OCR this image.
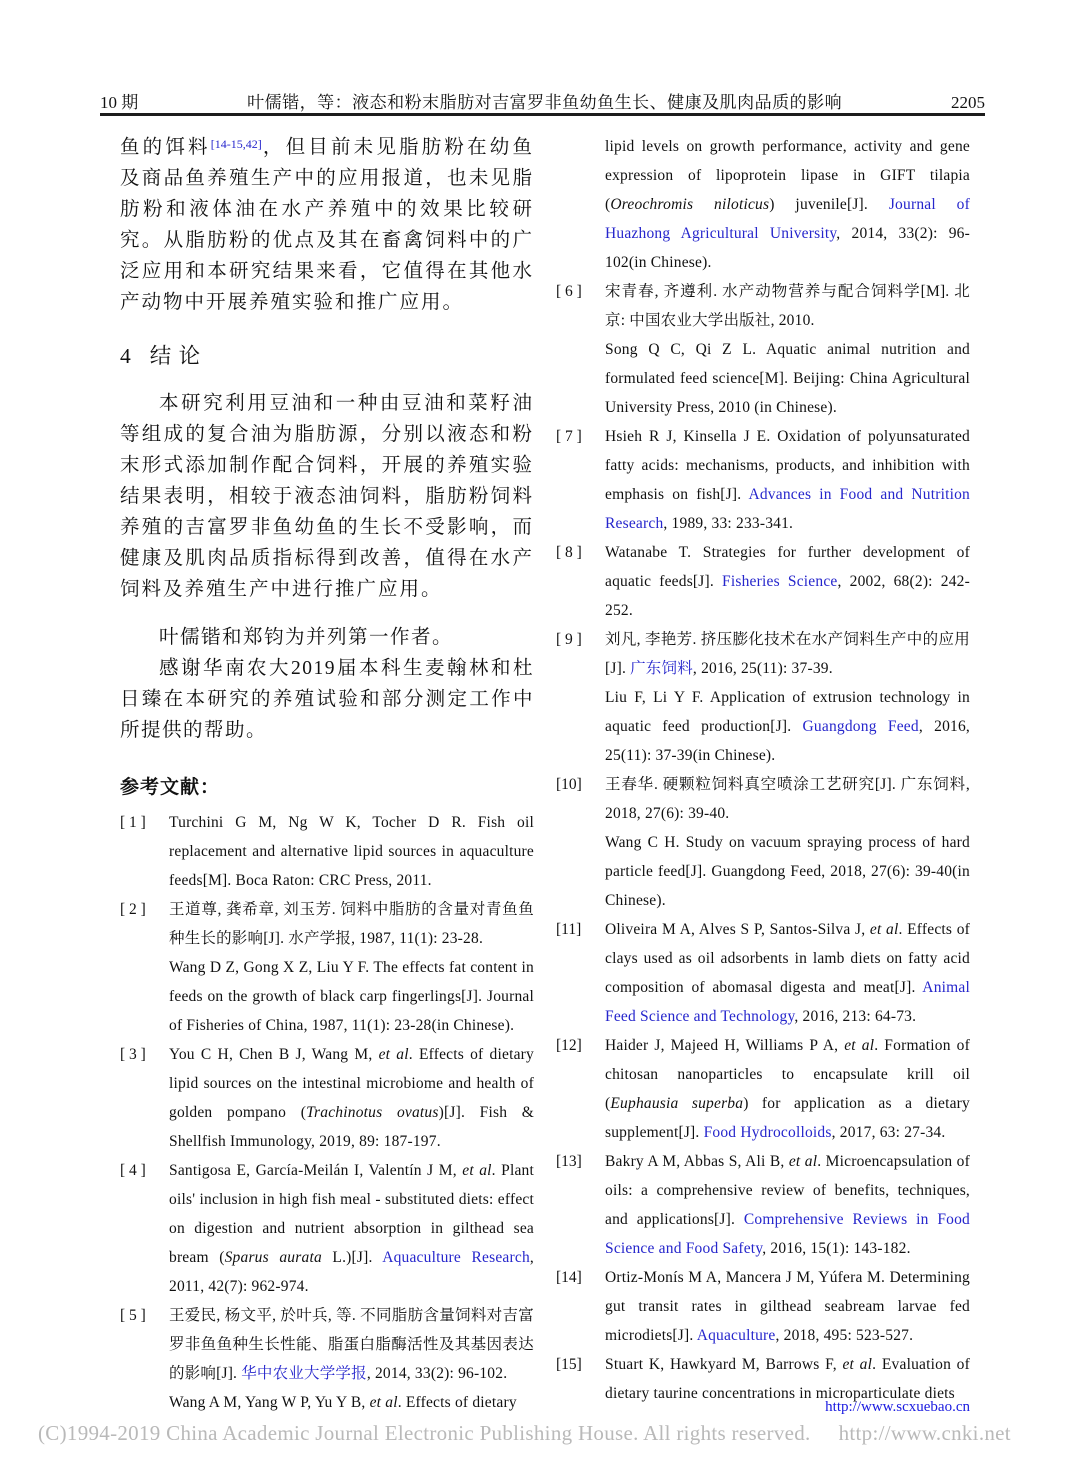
10 期	叶儒锴，等：液态和粉末脂肪对吉富罗非鱼幼鱼生长、健康及肌肉品质的影响	2205

鱼的饵料[14-15,42]，但目前未见脂肪粉在幼鱼及商品鱼养殖生产中的应用报道，也未见脂肪粉和液体油在水产养殖中的效果比较研究。从脂肪粉的优点及其在畜禽饲料中的广泛应用和本研究结果来看，它值得在其他水产动物中开展养殖实验和推广应用。

4 结 论

本研究利用豆油和一种由豆油和菜籽油等组成的复合油为脂肪源，分别以液态和粉末形式添加制作配合饲料，开展的养殖实验结果表明，相较于液态油饲料，脂肪粉饲料养殖的吉富罗非鱼幼鱼的生长不受影响，而健康及肌肉品质指标得到改善，值得在水产饲料及养殖生产中进行推广应用。

叶儒锴和郑钧为并列第一作者。

感谢华南农大2019届本科生麦翰林和杜日臻在本研究的养殖试验和部分测定工作中所提供的帮助。

参考文献：
[ 1 ]	Turchini G M, Ng W K, Tocher D R. Fish oil replacement and alternative lipid sources in aquaculture feeds[M]. Boca Raton: CRC Press, 2011.
[ 2 ]	王道尊, 龚希章, 刘玉芳. 饲料中脂肪的含量对青鱼鱼种生长的影响[J]. 水产学报, 1987, 11(1): 23-28.
Wang D Z, Gong X Z, Liu Y F. The effects fat content in feeds on the growth of black carp fingerlings[J]. Journal of Fisheries of China, 1987, 11(1): 23-28(in Chinese).
[ 3 ]	You C H, Chen B J, Wang M, et al. Effects of dietary lipid sources on the intestinal microbiome and health of golden pompano (Trachinotus ovatus)[J]. Fish & Shellfish Immunology, 2019, 89: 187-197.
[ 4 ]	Santigosa E, García-Meilán I, Valentín J M, et al. Plant oils' inclusion in high fish meal - substituted diets: effect on digestion and nutrient absorption in gilthead sea bream (Sparus aurata L.)[J]. Aquaculture Research, 2011, 42(7): 962-974.
[ 5 ]	王爱民, 杨文平, 於叶兵, 等. 不同脂肪含量饲料对吉富罗非鱼鱼种生长性能、脂蛋白脂酶活性及其基因表达的影响[J]. 华中农业大学学报, 2014, 33(2): 96-102.
Wang A M, Yang W P, Yu Y B, et al. Effects of dietary
lipid levels on growth performance, activity and gene expression of lipoprotein lipase in GIFT tilapia (Oreochromis niloticus) juvenile[J]. Journal of Huazhong Agricultural University, 2014, 33(2): 96-102(in Chinese).
[ 6 ]	宋青春, 齐遵利. 水产动物营养与配合饲料学[M]. 北京: 中国农业大学出版社, 2010.
Song Q C, Qi Z L. Aquatic animal nutrition and formulated feed science[M]. Beijing: China Agricultural University Press, 2010 (in Chinese).
[ 7 ]	Hsieh R J, Kinsella J E. Oxidation of polyunsaturated fatty acids: mechanisms, products, and inhibition with emphasis on fish[J]. Advances in Food and Nutrition Research, 1989, 33: 233-341.
[ 8 ]	Watanabe T. Strategies for further development of aquatic feeds[J]. Fisheries Science, 2002, 68(2): 242-252.
[ 9 ]	刘凡, 李艳芳. 挤压膨化技术在水产饲料生产中的应用[J]. 广东饲料, 2016, 25(11): 37-39.
Liu F, Li Y F. Application of extrusion technology in aquatic feed production[J]. Guangdong Feed, 2016, 25(11): 37-39(in Chinese).
[10]	王春华. 硬颗粒饲料真空喷涂工艺研究[J]. 广东饲料, 2018, 27(6): 39-40.
Wang C H. Study on vacuum spraying process of hard particle feed[J]. Guangdong Feed, 2018, 27(6): 39-40(in Chinese).
[11]	Oliveira M A, Alves S P, Santos-Silva J, et al. Effects of clays used as oil adsorbents in lamb diets on fatty acid composition of abomasal digesta and meat[J]. Animal Feed Science and Technology, 2016, 213: 64-73.
[12]	Haider J, Majeed H, Williams P A, et al. Formation of chitosan nanoparticles to encapsulate krill oil (Euphausia superba) for application as a dietary supplement[J]. Food Hydrocolloids, 2017, 63: 27-34.
[13]	Bakry A M, Abbas S, Ali B, et al. Microencapsulation of oils: a comprehensive review of benefits, techniques, and applications[J]. Comprehensive Reviews in Food Science and Food Safety, 2016, 15(1): 143-182.
[14]	Ortiz-Monís M A, Mancera J M, Yúfera M. Determining gut transit rates in gilthead seabream larvae fed microdiets[J]. Aquaculture, 2018, 495: 523-527.
[15]	Stuart K, Hawkyard M, Barrows F, et al. Evaluation of dietary taurine concentrations in microparticulate diets
http://www.scxuebao.cn
(C)1994-2019 China Academic Journal Electronic Publishing House. All rights reserved. http://www.cnki.net
